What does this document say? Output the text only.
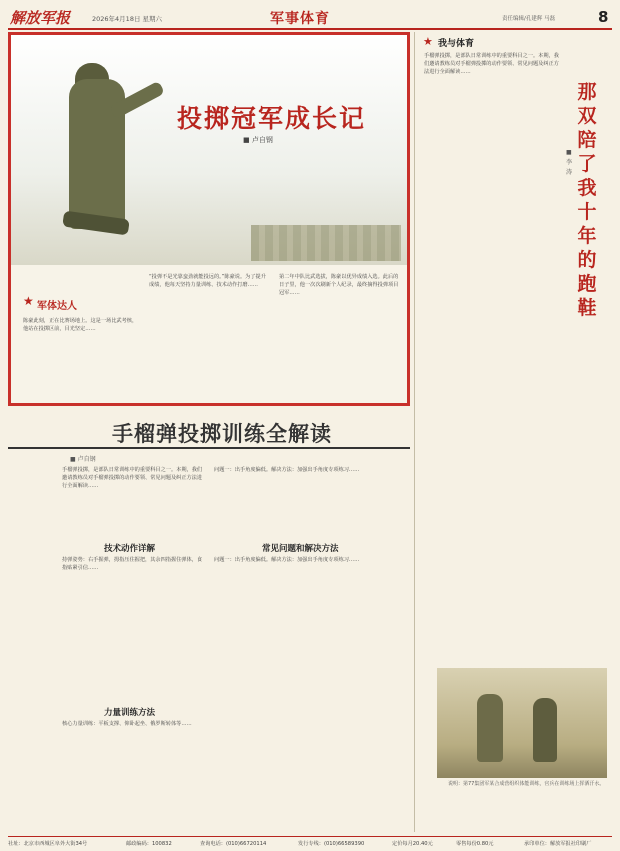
解放军报	2026年4月18日 星期六	军事体育	责任编辑/孔建辉 马磊	8
投掷冠军成长记
■ 卢自钢
★ 军体达人
陈豪此刻，正在比赛场地上。这是一场比武考核，他站在投掷区前，目光坚定……
“投弹不是光靠蛮劲就能投远的。”陈豪说。为了提升成绩，他每天坚持力量训练、技术动作打磨……
第二年中队比武选拔，陈豪以优异成绩入选。此后的日子里，他一次次刷新个人纪录，最终摘得投弹项目冠军……
★ 我与体育
那双陪了我十年的跑鞋
■ 李 涛
手榴弹投掷，是部队日常训练中的重要科目之一。本期，我们邀请教练员对手榴弹投掷的动作要领、常见问题及纠正方法进行全面解读……
说明：第77集团军某合成营组织体能训练，官兵在训练场上挥洒汗水。
手榴弹投掷训练全解读
■ 卢自钢
手榴弹投掷，是部队日常训练中的重要科目之一。本期，我们邀请教练员对手榴弹投掷的动作要领、常见问题及纠正方法进行全面解读……
技术动作详解
持弹姿势：右手握弹，拇指压住握把，其余四指握住弹体，食指贴紧引信……
力量训练方法
核心力量训练：平板支撑、仰卧起坐、俄罗斯转体等……
常见问题和解决方法
问题一：出手角度偏低。解决方法：加强出手角度专项练习……
问题一：出手角度偏低。解决方法：加强出手角度专项练习……
社址：北京市西城区阜外大街34号	邮政编码：100832	查询电话：(010)66720114	发行专线：(010)66589390	定价每月20.40元	零售每份0.80元	承印单位：解放军报社印刷厂
